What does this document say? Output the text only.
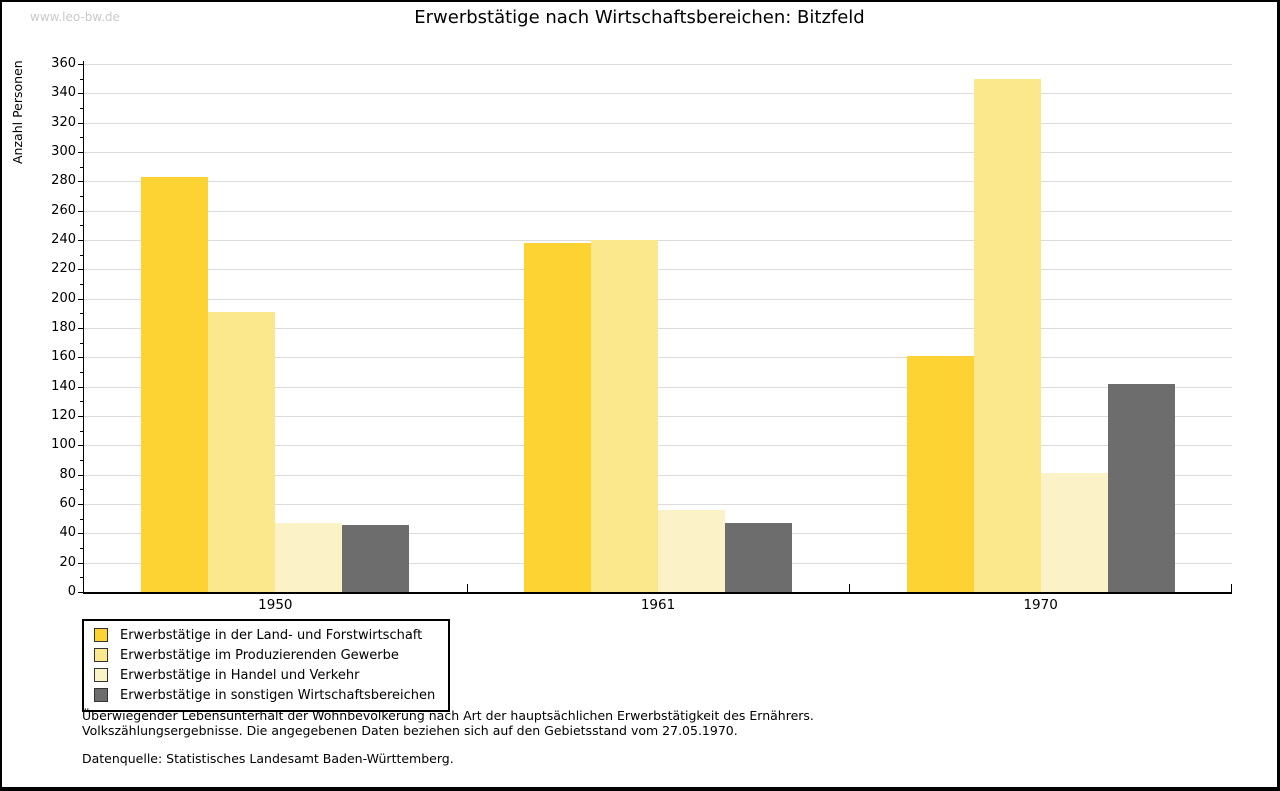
www.leo-bw.de	Erwerbstätige nach Wirtschaftsbereichen: Bitzfeld
Anzahl Personen
0
20
40
60
80
100
120
140
160
180
200
220
240
260
280
300
320
340
360
1950	1961	1970
Erwerbstätige in der Land- und Forstwirtschaft
Erwerbstätige im Produzierenden Gewerbe
Erwerbstätige in Handel und Verkehr
Erwerbstätige in sonstigen Wirtschaftsbereichen
Überwiegender Lebensunterhalt der Wohnbevölkerung nach Art der hauptsächlichen Erwerbstätigkeit des Ernährers.
Volkszählungsergebnisse. Die angegebenen Daten beziehen sich auf den Gebietsstand vom 27.05.1970.
Datenquelle: Statistisches Landesamt Baden-Württemberg.
